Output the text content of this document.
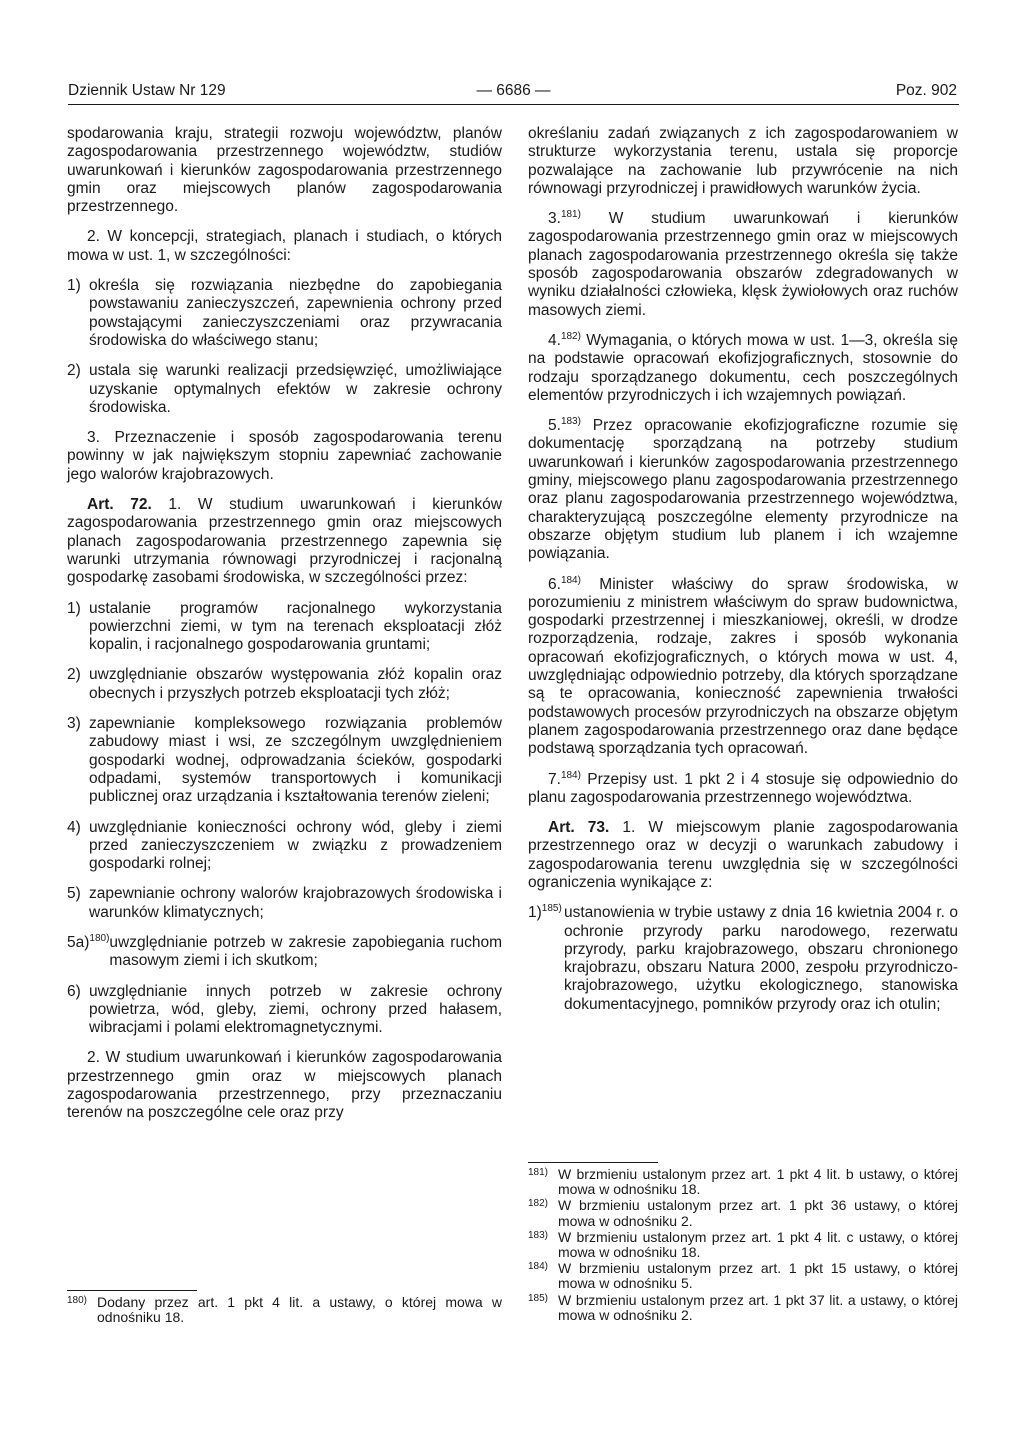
Dziennik Ustaw Nr 129	— 6686 —	Poz. 902

spodarowania kraju, strategii rozwoju województw, planów zagospodarowania przestrzennego województw, studiów uwarunkowań i kierunków zagospodarowania przestrzennego gmin oraz miejscowych planów zagospodarowania przestrzennego.

2. W koncepcji, strategiach, planach i studiach, o których mowa w ust. 1, w szczególności:

1) określa się rozwiązania niezbędne do zapobiegania powstawaniu zanieczyszczeń, zapewnienia ochrony przed powstającymi zanieczyszczeniami oraz przywracania środowiska do właściwego stanu;
2) ustala się warunki realizacji przedsięwzięć, umożliwiające uzyskanie optymalnych efektów w zakresie ochrony środowiska.

3. Przeznaczenie i sposób zagospodarowania terenu powinny w jak największym stopniu zapewniać zachowanie jego walorów krajobrazowych.

Art. 72. 1. W studium uwarunkowań i kierunków zagospodarowania przestrzennego gmin oraz miejscowych planach zagospodarowania przestrzennego zapewnia się warunki utrzymania równowagi przyrodniczej i racjonalną gospodarkę zasobami środowiska, w szczególności przez:

1) ustalanie programów racjonalnego wykorzystania powierzchni ziemi, w tym na terenach eksploatacji złóż kopalin, i racjonalnego gospodarowania gruntami;
2) uwzględnianie obszarów występowania złóż kopalin oraz obecnych i przyszłych potrzeb eksploatacji tych złóż;
3) zapewnianie kompleksowego rozwiązania problemów zabudowy miast i wsi, ze szczególnym uwzględnieniem gospodarki wodnej, odprowadzania ścieków, gospodarki odpadami, systemów transportowych i komunikacji publicznej oraz urządzania i kształtowania terenów zieleni;
4) uwzględnianie konieczności ochrony wód, gleby i ziemi przed zanieczyszczeniem w związku z prowadzeniem gospodarki rolnej;
5) zapewnianie ochrony walorów krajobrazowych środowiska i warunków klimatycznych;
5a)$^{180)}$ uwzględnianie potrzeb w zakresie zapobiegania ruchom masowym ziemi i ich skutkom;
6) uwzględnianie innych potrzeb w zakresie ochrony powietrza, wód, gleby, ziemi, ochrony przed hałasem, wibracjami i polami elektromagnetycznymi.

2. W studium uwarunkowań i kierunków zagospodarowania przestrzennego gmin oraz w miejscowych planach zagospodarowania przestrzennego, przy przeznaczaniu terenów na poszczególne cele oraz przy

180) Dodany przez art. 1 pkt 4 lit. a ustawy, o której mowa w odnośniku 18.

określaniu zadań związanych z ich zagospodarowaniem w strukturze wykorzystania terenu, ustala się proporcje pozwalające na zachowanie lub przywrócenie na nich równowagi przyrodniczej i prawidłowych warunków życia.

3.$^{181)}$ W studium uwarunkowań i kierunków zagospodarowania przestrzennego gmin oraz w miejscowych planach zagospodarowania przestrzennego określa się także sposób zagospodarowania obszarów zdegradowanych w wyniku działalności człowieka, klęsk żywiołowych oraz ruchów masowych ziemi.

4.$^{182)}$ Wymagania, o których mowa w ust. 1—3, określa się na podstawie opracowań ekofizjograficznych, stosownie do rodzaju sporządzanego dokumentu, cech poszczególnych elementów przyrodniczych i ich wzajemnych powiązań.

5.$^{183)}$ Przez opracowanie ekofizjograficzne rozumie się dokumentację sporządzaną na potrzeby studium uwarunkowań i kierunków zagospodarowania przestrzennego gminy, miejscowego planu zagospodarowania przestrzennego oraz planu zagospodarowania przestrzennego województwa, charakteryzującą poszczególne elementy przyrodnicze na obszarze objętym studium lub planem i ich wzajemne powiązania.

6.$^{184)}$ Minister właściwy do spraw środowiska, w porozumieniu z ministrem właściwym do spraw budownictwa, gospodarki przestrzennej i mieszkaniowej, określi, w drodze rozporządzenia, rodzaje, zakres i sposób wykonania opracowań ekofizjograficznych, o których mowa w ust. 4, uwzględniając odpowiednio potrzeby, dla których sporządzane są te opracowania, konieczność zapewnienia trwałości podstawowych procesów przyrodniczych na obszarze objętym planem zagospodarowania przestrzennego oraz dane będące podstawą sporządzania tych opracowań.

7.$^{184)}$ Przepisy ust. 1 pkt 2 i 4 stosuje się odpowiednio do planu zagospodarowania przestrzennego województwa.

Art. 73. 1. W miejscowym planie zagospodarowania przestrzennego oraz w decyzji o warunkach zabudowy i zagospodarowania terenu uwzględnia się w szczególności ograniczenia wynikające z:

1)$^{185)}$ ustanowienia w trybie ustawy z dnia 16 kwietnia 2004 r. o ochronie przyrody parku narodowego, rezerwatu przyrody, parku krajobrazowego, obszaru chronionego krajobrazu, obszaru Natura 2000, zespołu przyrodniczo-krajobrazowego, użytku ekologicznego, stanowiska dokumentacyjnego, pomników przyrody oraz ich otulin;
181) W brzmieniu ustalonym przez art. 1 pkt 4 lit. b ustawy, o której mowa w odnośniku 18.
182) W brzmieniu ustalonym przez art. 1 pkt 36 ustawy, o której mowa w odnośniku 2.
183) W brzmieniu ustalonym przez art. 1 pkt 4 lit. c ustawy, o której mowa w odnośniku 18.
184) W brzmieniu ustalonym przez art. 1 pkt 15 ustawy, o której mowa w odnośniku 5.
185) W brzmieniu ustalonym przez art. 1 pkt 37 lit. a ustawy, o której mowa w odnośniku 2.
